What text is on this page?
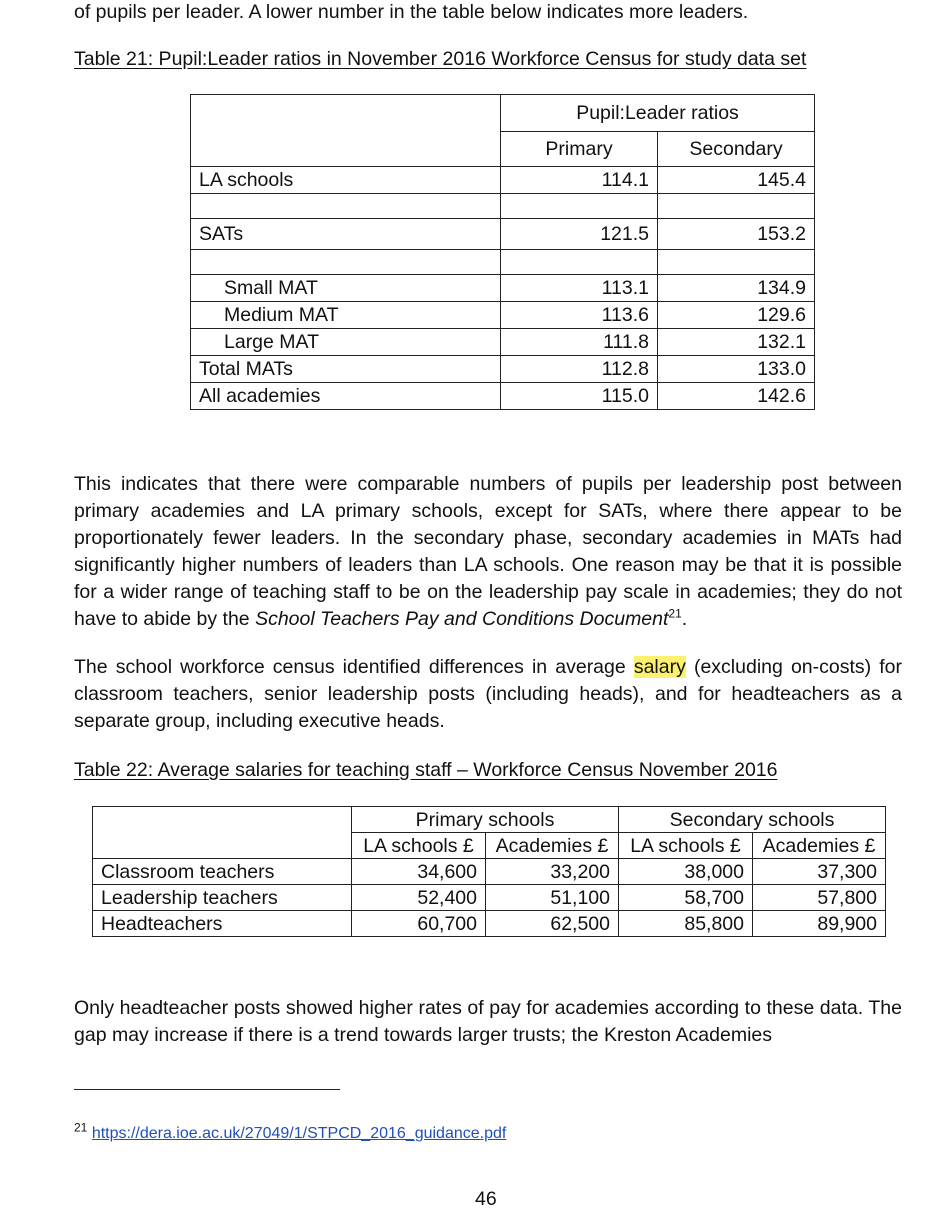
of pupils per leader. A lower number in the table below indicates more leaders.

Table 21: Pupil:Leader ratios in November 2016 Workforce Census for study data set

	Pupil:Leader ratios	
	Primary	Secondary
LA schools	114.1	145.4

SATs	121.5	153.2

Small MAT	113.1	134.9
Medium MAT	113.6	129.6
Large MAT	111.8	132.1
Total MATs	112.8	133.0
All academies	115.0	142.6

This indicates that there were comparable numbers of pupils per leadership post between primary academies and LA primary schools, except for SATs, where there appear to be proportionately fewer leaders. In the secondary phase, secondary academies in MATs had significantly higher numbers of leaders than LA schools. One reason may be that it is possible for a wider range of teaching staff to be on the leadership pay scale in academies; they do not have to abide by the School Teachers Pay and Conditions Document$^{21}$.

The school workforce census identified differences in average salary (excluding on-costs) for classroom teachers, senior leadership posts (including heads), and for headteachers as a separate group, including executive heads.

Table 22: Average salaries for teaching staff – Workforce Census November 2016

	Primary schools		Secondary schools	
	LA schools £	Academies £	LA schools £	Academies £
Classroom teachers	34,600	33,200	38,000	37,300
Leadership teachers	52,400	51,100	58,700	57,800
Headteachers	60,700	62,500	85,800	89,900

Only headteacher posts showed higher rates of pay for academies according to these data. The gap may increase if there is a trend towards larger trusts; the Kreston Academies

$^{21}$ https://dera.ioe.ac.uk/27049/1/STPCD_2016_guidance.pdf
46
